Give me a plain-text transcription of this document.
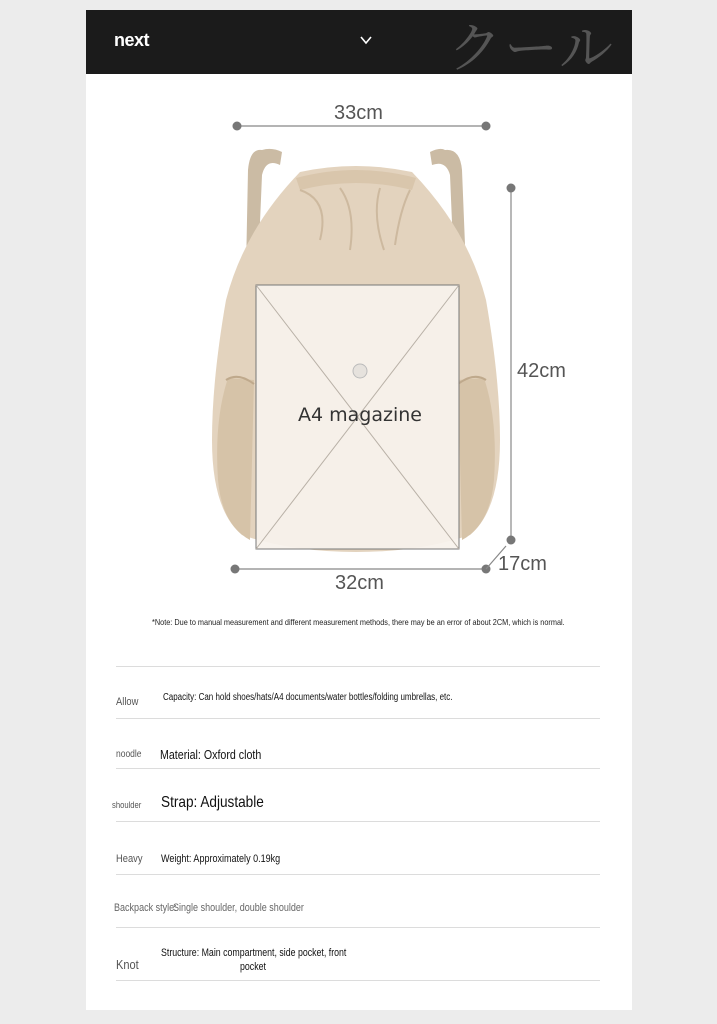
next	クール
33cm
42cm
32cm
17cm
A4 magazine
*Note: Due to manual measurement and different measurement methods, there may be an error of about 2CM, which is normal.
Allow Capacity: Can hold shoes/hats/A4 documents/water bottles/folding umbrellas, etc.
noodle Material: Oxford cloth
shoulder Strap: Adjustable
Heavy Weight: Approximately 0.19kg
Backpack style:
Single shoulder, double shoulder
Knot
Structure: Main compartment, side pocket, front
pocket
